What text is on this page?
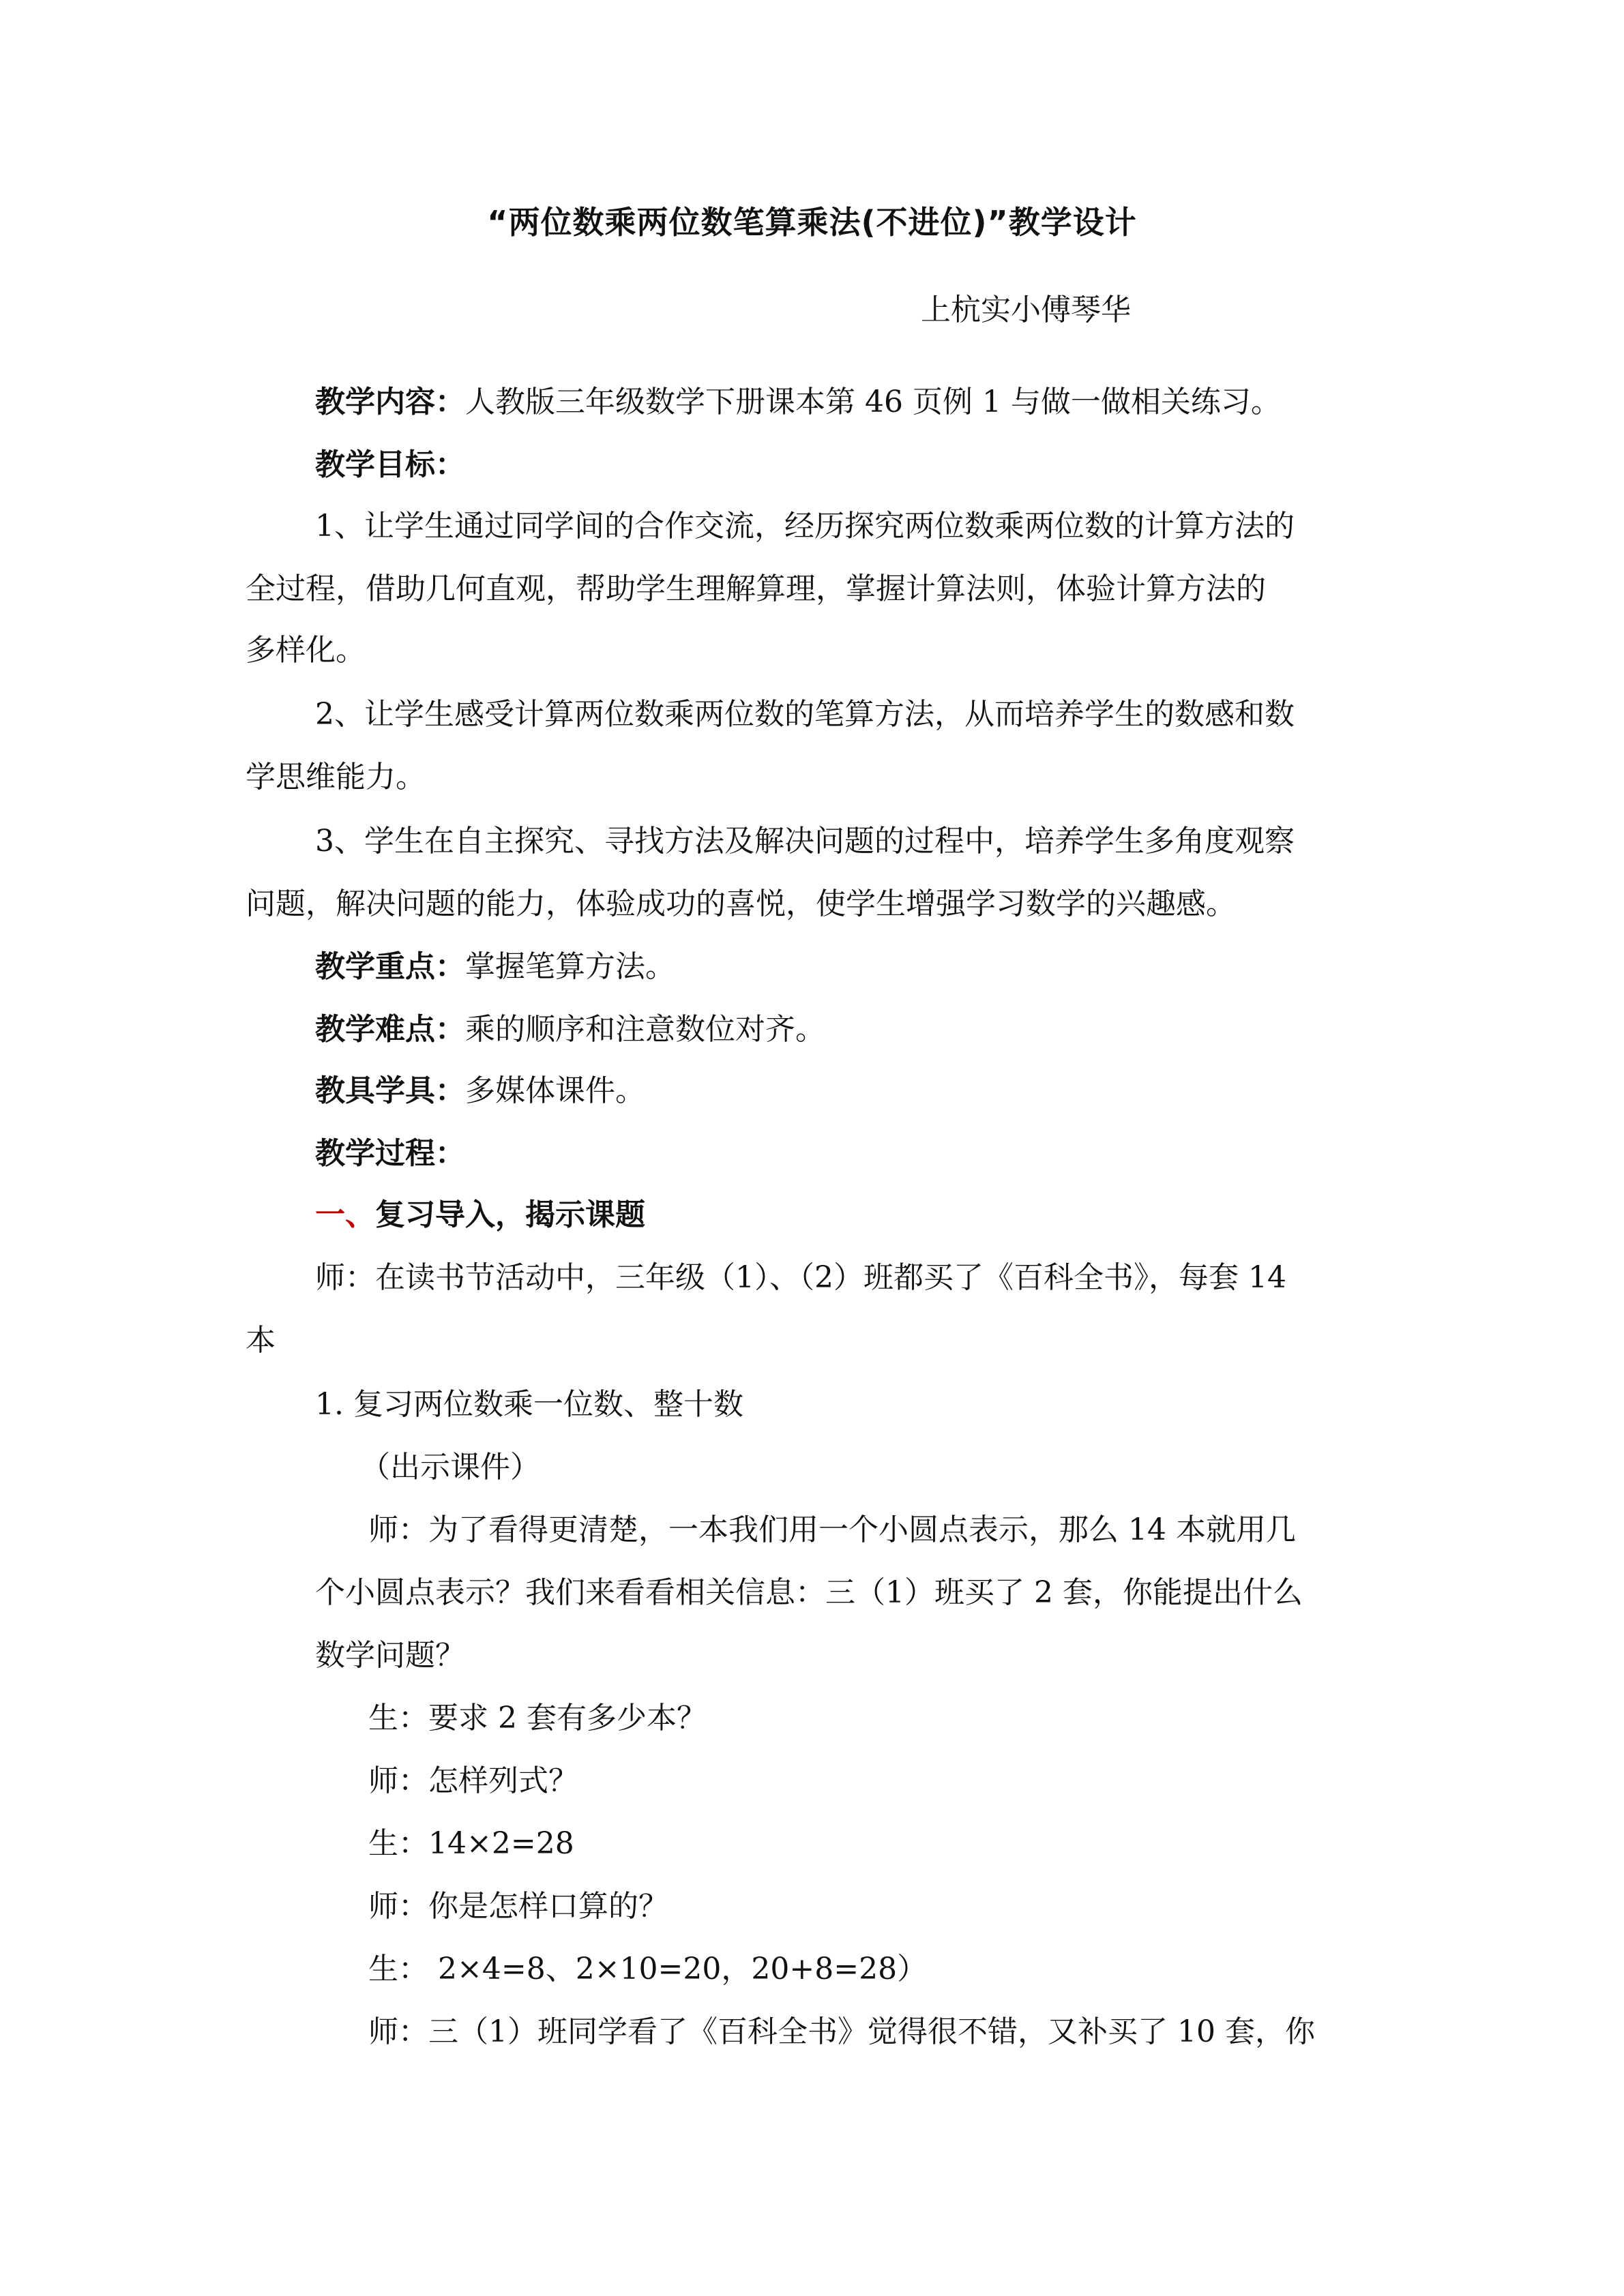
“两位数乘两位数笔算乘法(不进位)”教学设计
上杭实小傅琴华
教学内容：人教版三年级数学下册课本第 46 页例 1 与做一做相关练习。
教学目标：
1、让学生通过同学间的合作交流，经历探究两位数乘两位数的计算方法的
全过程，借助几何直观，帮助学生理解算理，掌握计算法则，体验计算方法的
多样化。
2、让学生感受计算两位数乘两位数的笔算方法，从而培养学生的数感和数
学思维能力。
3、学生在自主探究、寻找方法及解决问题的过程中，培养学生多角度观察
问题，解决问题的能力，体验成功的喜悦，使学生增强学习数学的兴趣感。
教学重点：掌握笔算方法。
教学难点：乘的顺序和注意数位对齐。
教具学具：多媒体课件。
教学过程：
一、复习导入，揭示课题
师：在读书节活动中，三年级（1）、（2）班都买了《百科全书》，每套 14
本
1. 复习两位数乘一位数、整十数
（出示课件）
师：为了看得更清楚，一本我们用一个小圆点表示，那么 14 本就用几
个小圆点表示？我们来看看相关信息：三（1）班买了 2 套，你能提出什么
数学问题？
生：要求 2 套有多少本？
师：怎样列式？
生：14×2=28
师：你是怎样口算的？
生： 2×4=8、2×10=20，20+8=28）
师：三（1）班同学看了《百科全书》觉得很不错，又补买了 10 套，你
